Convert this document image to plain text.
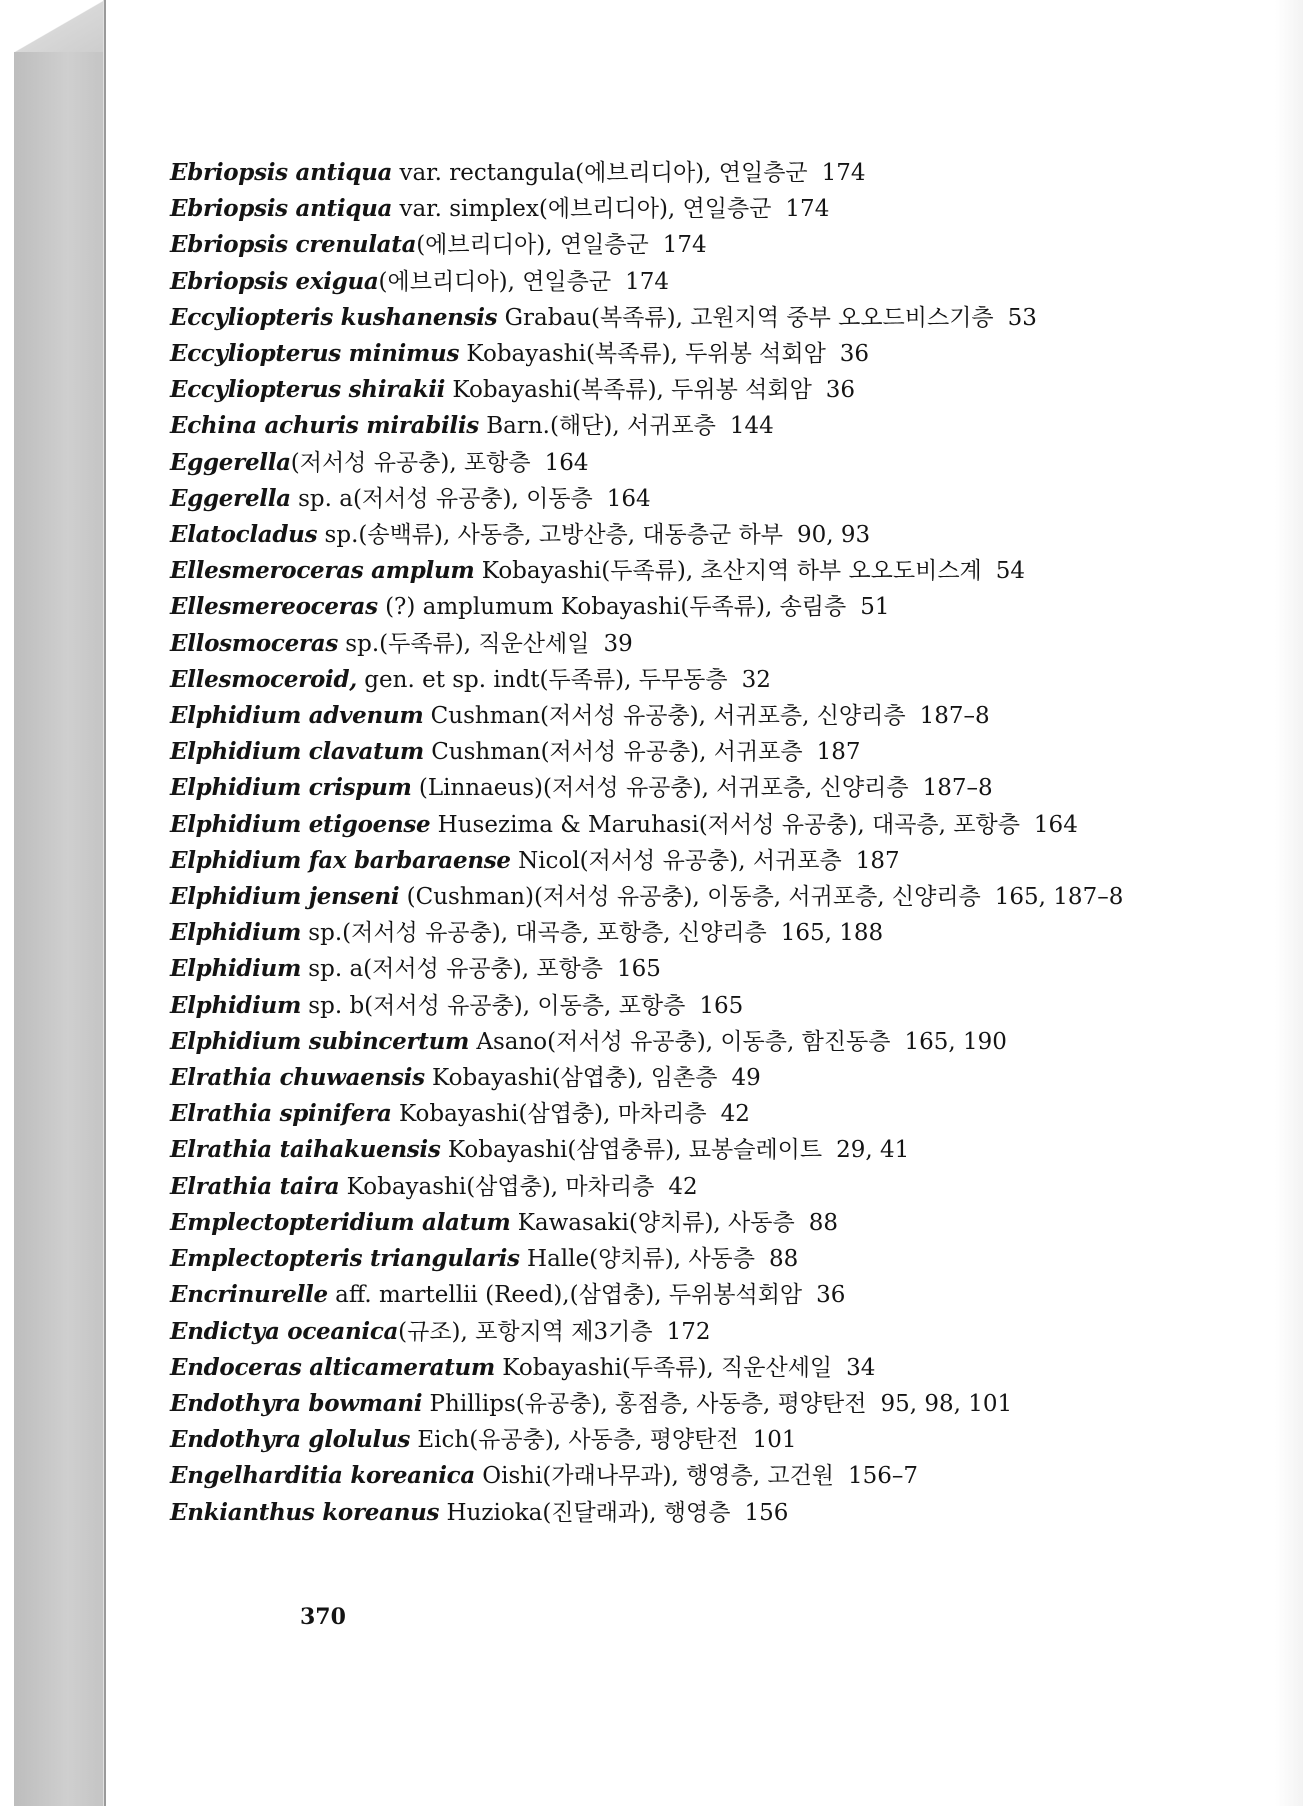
Ebriopsis antiqua var. rectangula(에브리디아), 연일층군 174
Ebriopsis antiqua var. simplex(에브리디아), 연일층군 174
Ebriopsis crenulata(에브리디아), 연일층군 174
Ebriopsis exigua(에브리디아), 연일층군 174
Eccyliopteris kushanensis Grabau(복족류), 고원지역 중부 오오드비스기층 53
Eccyliopterus minimus Kobayashi(복족류), 두위봉 석회암 36
Eccyliopterus shirakii Kobayashi(복족류), 두위봉 석회암 36
Echina achuris mirabilis Barn.(해단), 서귀포층 144
Eggerella(저서성 유공충), 포항층 164
Eggerella sp. a(저서성 유공충), 이동층 164
Elatocladus sp.(송백류), 사동층, 고방산층, 대동층군 하부 90, 93
Ellesmeroceras amplum Kobayashi(두족류), 초산지역 하부 오오도비스계 54
Ellesmereoceras (?) amplumum Kobayashi(두족류), 송림층 51
Ellosmoceras sp.(두족류), 직운산세일 39
Ellesmoceroid, gen. et sp. indt(두족류), 두무동층 32
Elphidium advenum Cushman(저서성 유공충), 서귀포층, 신양리층 187–8
Elphidium clavatum Cushman(저서성 유공충), 서귀포층 187
Elphidium crispum (Linnaeus)(저서성 유공충), 서귀포층, 신양리층 187–8
Elphidium etigoense Husezima & Maruhasi(저서성 유공충), 대곡층, 포항층 164
Elphidium fax barbaraense Nicol(저서성 유공충), 서귀포층 187
Elphidium jenseni (Cushman)(저서성 유공충), 이동층, 서귀포층, 신양리층 165, 187–8
Elphidium sp.(저서성 유공충), 대곡층, 포항층, 신양리층 165, 188
Elphidium sp. a(저서성 유공충), 포항층 165
Elphidium sp. b(저서성 유공충), 이동층, 포항층 165
Elphidium subincertum Asano(저서성 유공충), 이동층, 함진동층 165, 190
Elrathia chuwaensis Kobayashi(삼엽충), 임촌층 49
Elrathia spinifera Kobayashi(삼엽충), 마차리층 42
Elrathia taihakuensis Kobayashi(삼엽충류), 묘봉슬레이트 29, 41
Elrathia taira Kobayashi(삼엽충), 마차리층 42
Emplectopteridium alatum Kawasaki(양치류), 사동층 88
Emplectopteris triangularis Halle(양치류), 사동층 88
Encrinurelle aff. martellii (Reed),(삼엽충), 두위봉석회암 36
Endictya oceanica(규조), 포항지역 제3기층 172
Endoceras alticameratum Kobayashi(두족류), 직운산세일 34
Endothyra bowmani Phillips(유공충), 홍점층, 사동층, 평양탄전 95, 98, 101
Endothyra glolulus Eich(유공충), 사동층, 평양탄전 101
Engelharditia koreanica Oishi(가래나무과), 행영층, 고건원 156–7
Enkianthus koreanus Huzioka(진달래과), 행영층 156
370
